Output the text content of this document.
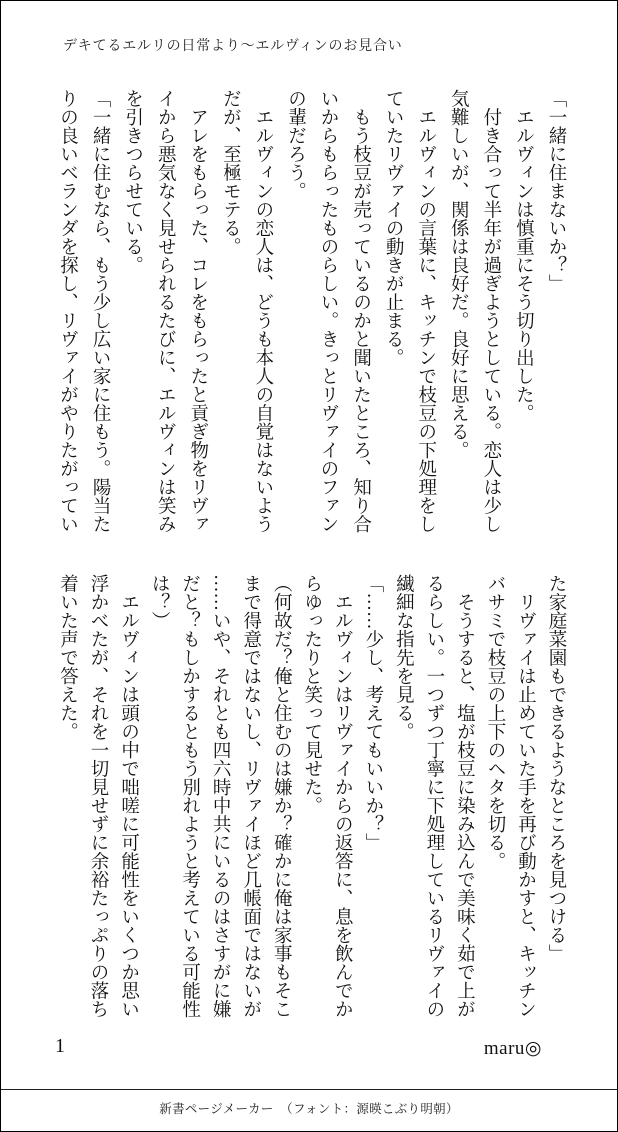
デキてるエルリの日常より〜エルヴィンのお見合い
「一緒に住まないか？」
　エルヴィンは慎重にそう切り出した。
　付き合って半年が過ぎようとしている。恋人は少し
気難しいが、関係は良好だ。良好に思える。
　エルヴィンの言葉に、キッチンで枝豆の下処理をし
ていたリヴァイの動きが止まる。
　もう枝豆が売っているのかと聞いたところ、知り合
いからもらったものらしい。きっとリヴァイのファン
の輩だろう。
　エルヴィンの恋人は、どうも本人の自覚はないよう
だが、至極モテる。
　アレをもらった、コレをもらったと貢ぎ物をリヴァ
イから悪気なく見せられるたびに、エルヴィンは笑み
を引きつらせている。
「一緒に住むなら、もう少し広い家に住もう。陽当た
りの良いベランダを探し、リヴァイがやりたがってい
た家庭菜園もできるようなところを見つける」
　リヴァイは止めていた手を再び動かすと、キッチン
バサミで枝豆の上下のヘタを切る。
　そうすると、塩が枝豆に染み込んで美味く茹で上が
るらしい。一つずつ丁寧に下処理しているリヴァイの
繊細な指先を見る。
「……少し、考えてもいいか？」
　エルヴィンはリヴァイからの返答に、息を飲んでか
らゆったりと笑って見せた。
（何故だ？俺と住むのは嫌か？確かに俺は家事もそこ
まで得意ではないし、リヴァイほど几帳面ではないが
……いや、それとも四六時中共にいるのはさすがに嫌
だと？もしかするともう別れようと考えている可能性
は？）
　エルヴィンは頭の中で咄嗟に可能性をいくつか思い
浮かべたが、それを一切見せずに余裕たっぷりの落ち
着いた声で答えた。
1	maru◎
新書ページメーカー　（フォント：源暎こぶり明朝）
